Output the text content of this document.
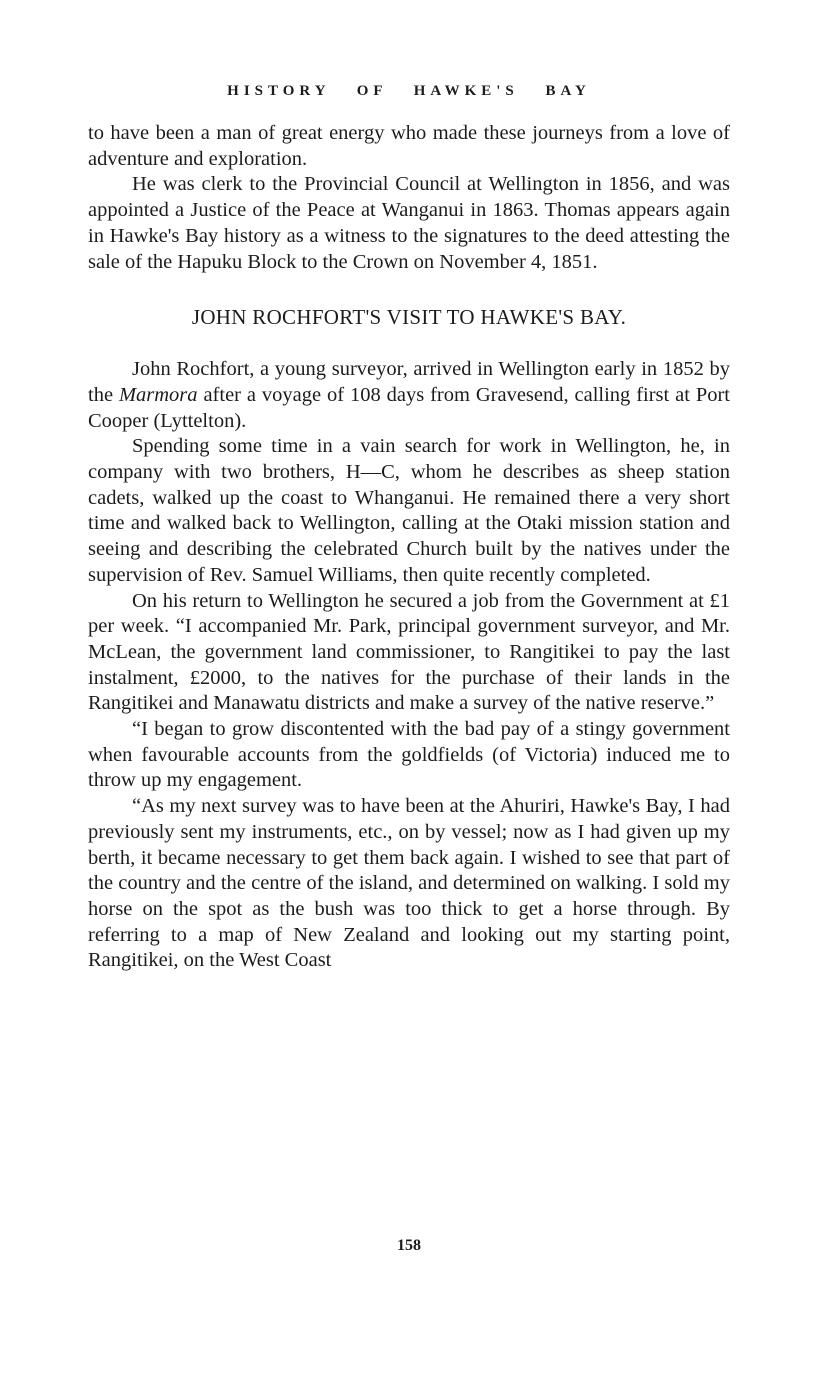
HISTORY OF HAWKE'S BAY

to have been a man of great energy who made these journeys from a love of adventure and exploration.

He was clerk to the Provincial Council at Wellington in 1856, and was appointed a Justice of the Peace at Wanganui in 1863. Thomas appears again in Hawke's Bay history as a witness to the signatures to the deed attesting the sale of the Hapuku Block to the Crown on November 4, 1851.

JOHN ROCHFORT'S VISIT TO HAWKE'S BAY.

John Rochfort, a young surveyor, arrived in Wellington early in 1852 by the Marmora after a voyage of 108 days from Gravesend, calling first at Port Cooper (Lyttelton).

Spending some time in a vain search for work in Wellington, he, in company with two brothers, H—C, whom he describes as sheep station cadets, walked up the coast to Whanganui. He remained there a very short time and walked back to Wellington, calling at the Otaki mission station and seeing and describing the celebrated Church built by the natives under the supervision of Rev. Samuel Williams, then quite recently completed.

On his return to Wellington he secured a job from the Government at £1 per week. “I accompanied Mr. Park, principal government surveyor, and Mr. McLean, the government land commissioner, to Rangitikei to pay the last instalment, £2000, to the natives for the purchase of their lands in the Rangitikei and Manawatu districts and make a survey of the native reserve.”

“I began to grow discontented with the bad pay of a stingy government when favourable accounts from the goldfields (of Victoria) induced me to throw up my engagement.

“As my next survey was to have been at the Ahuriri, Hawke's Bay, I had previously sent my instruments, etc., on by vessel; now as I had given up my berth, it became necessary to get them back again. I wished to see that part of the country and the centre of the island, and determined on walking. I sold my horse on the spot as the bush was too thick to get a horse through. By referring to a map of New Zealand and looking out my starting point, Rangitikei, on the West Coast

158
